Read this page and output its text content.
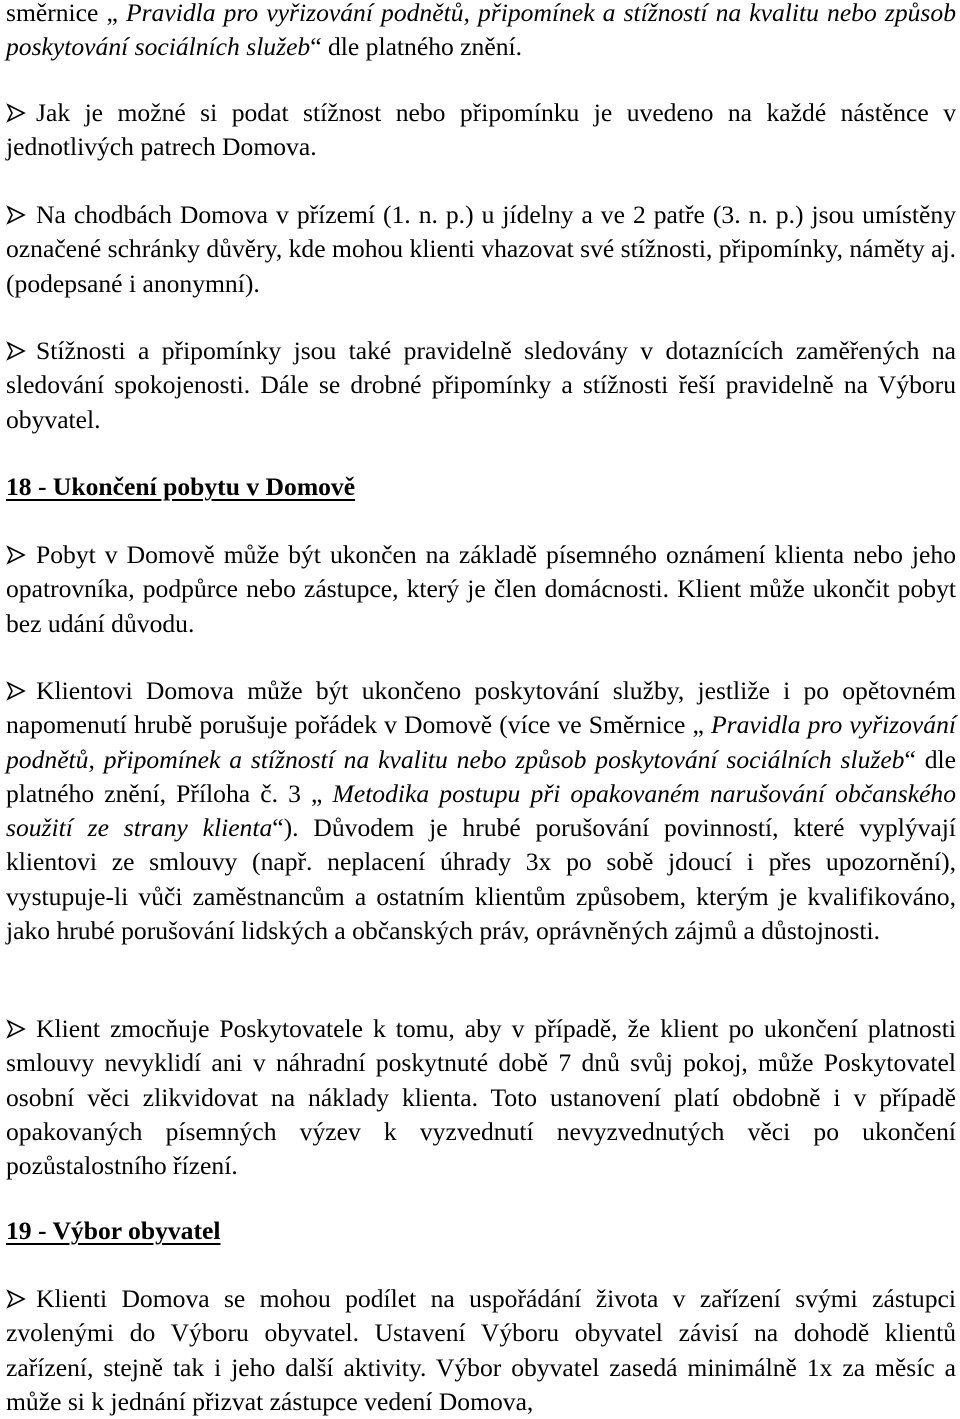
směrnice „ Pravidla pro vyřizování podnětů, připomínek a stížností na kvalitu nebo způsob poskytování sociálních služeb“ dle platného znění.
Jak je možné si podat stížnost nebo připomínku je uvedeno na každé nástěnce v jednotlivých patrech Domova.
Na chodbách Domova v přízemí (1. n. p.) u jídelny a ve 2 patře (3. n. p.) jsou umístěny označené schránky důvěry, kde mohou klienti vhazovat své stížnosti, připomínky, náměty aj. (podepsané i anonymní).
Stížnosti a připomínky jsou také pravidelně sledovány v dotaznících zaměřených na sledování spokojenosti. Dále se drobné připomínky a stížnosti řeší pravidelně na Výboru obyvatel.
18 - Ukončení pobytu v Domově
Pobyt v Domově může být ukončen na základě písemného oznámení klienta nebo jeho opatrovníka, podpůrce nebo zástupce, který je člen domácnosti. Klient může ukončit pobyt bez udání důvodu.
Klientovi Domova může být ukončeno poskytování služby, jestliže i po opětovném napomenutí hrubě porušuje pořádek v Domově (více ve Směrnice „ Pravidla pro vyřizování podnětů, připomínek a stížností na kvalitu nebo způsob poskytování sociálních služeb“ dle platného znění, Příloha č. 3 „ Metodika postupu při opakovaném narušování občanského soužití ze strany klienta“). Důvodem je hrubé porušování povinností, které vyplývají klientovi ze smlouvy (např. neplacení úhrady 3x po sobě jdoucí i přes upozornění), vystupuje-li vůči zaměstnancům a ostatním klientům způsobem, kterým je kvalifikováno, jako hrubé porušování lidských a občanských práv, oprávněných zájmů a důstojnosti.
Klient zmocňuje Poskytovatele k tomu, aby v případě, že klient po ukončení platnosti smlouvy nevyklidí ani v náhradní poskytnuté době 7 dnů svůj pokoj, může Poskytovatel osobní věci zlikvidovat na náklady klienta. Toto ustanovení platí obdobně i v případě opakovaných písemných výzev k vyzvednutí nevyzvednutých věci po ukončení pozůstalostního řízení.
19 - Výbor obyvatel
Klienti Domova se mohou podílet na uspořádání života v zařízení svými zástupci zvolenými do Výboru obyvatel. Ustavení Výboru obyvatel závisí na dohodě klientů zařízení, stejně tak i jeho další aktivity. Výbor obyvatel zasedá minimálně 1x za měsíc a může si k jednání přizvat zástupce vedení Domova,
